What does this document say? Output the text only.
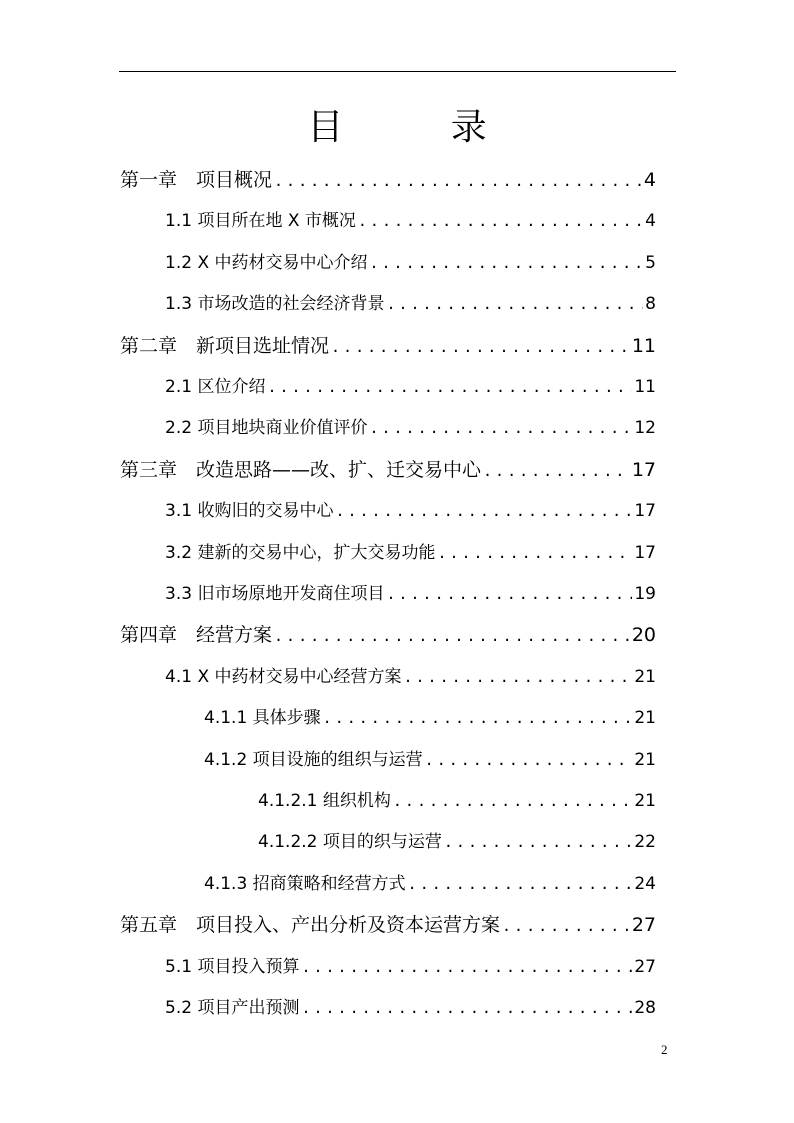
目 录
第一章　项目概况 .....	4
1.1 项目所在地 X 市概况 .....	4
1.2 X 中药材交易中心介绍 .....	5
1.3 市场改造的社会经济背景 .....	8
第二章　新项目选址情况 .....	11
2.1 区位介绍 .....	11
2.2 项目地块商业价值评价 .....	12
第三章　改造思路——改、扩、迁交易中心 .....	17
3.1 收购旧的交易中心 .....	17
3.2 建新的交易中心，扩大交易功能 .....	17
3.3 旧市场原地开发商住项目 .....	19
第四章　经营方案 .....	20
4.1 X 中药材交易中心经营方案 .....	21
4.1.1 具体步骤 .....	21
4.1.2 项目设施的组织与运营 .....	21
4.1.2.1 组织机构 .....	21
4.1.2.2 项目的织与运营 .....	22
4.1.3 招商策略和经营方式 .....	24
第五章　项目投入、产出分析及资本运营方案 .....	27
5.1 项目投入预算 .....	27
5.2 项目产出预测 .....	28
2
